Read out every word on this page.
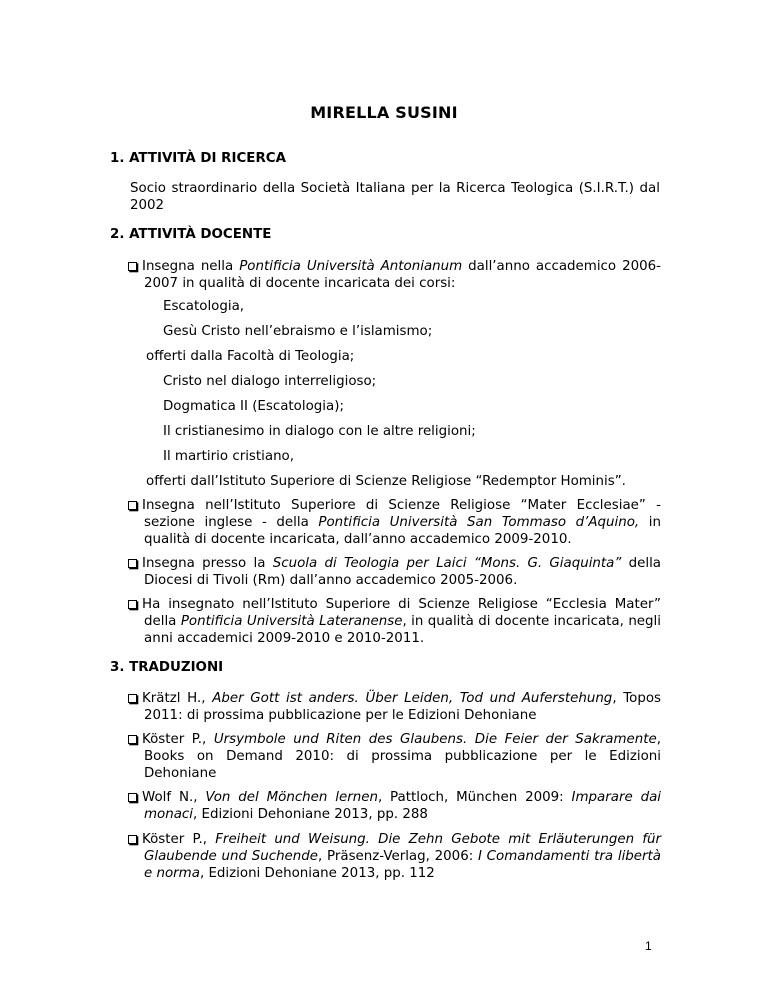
MIRELLA SUSINI
1. ATTIVITÀ DI RICERCA
Socio straordinario della Società Italiana per la Ricerca Teologica (S.I.R.T.) dal 2002
2. ATTIVITÀ DOCENTE
Insegna nella Pontificia Università Antonianum dall’anno accademico 2006-2007 in qualità di docente incaricata dei corsi:
Escatologia,
Gesù Cristo nell’ebraismo e l’islamismo;
offerti dalla Facoltà di Teologia;
Cristo nel dialogo interreligioso;
Dogmatica II (Escatologia);
Il cristianesimo in dialogo con le altre religioni;
Il martirio cristiano,
offerti dall’Istituto Superiore di Scienze Religiose “Redemptor Hominis”.
Insegna nell’Istituto Superiore di Scienze Religiose “Mater Ecclesiae” - sezione inglese - della Pontificia Università San Tommaso d’Aquino, in qualità di docente incaricata, dall’anno accademico 2009-2010.
Insegna presso la Scuola di Teologia per Laici “Mons. G. Giaquinta” della Diocesi di Tivoli (Rm) dall’anno accademico 2005-2006.
Ha insegnato nell’Istituto Superiore di Scienze Religiose “Ecclesia Mater” della Pontificia Università Lateranense, in qualità di docente incaricata, negli anni accademici 2009-2010 e 2010-2011.
3. TRADUZIONI
Krätzl H., Aber Gott ist anders. Über Leiden, Tod und Auferstehung, Topos 2011: di prossima pubblicazione per le Edizioni Dehoniane
Köster P., Ursymbole und Riten des Glaubens. Die Feier der Sakramente, Books on Demand 2010: di prossima pubblicazione per le Edizioni Dehoniane
Wolf N., Von del Mönchen lernen, Pattloch, München 2009: Imparare dai monaci, Edizioni Dehoniane 2013, pp. 288
Köster P., Freiheit und Weisung. Die Zehn Gebote mit Erläuterungen für Glaubende und Suchende, Präsenz-Verlag, 2006: I Comandamenti tra libertà e norma, Edizioni Dehoniane 2013, pp. 112
1
